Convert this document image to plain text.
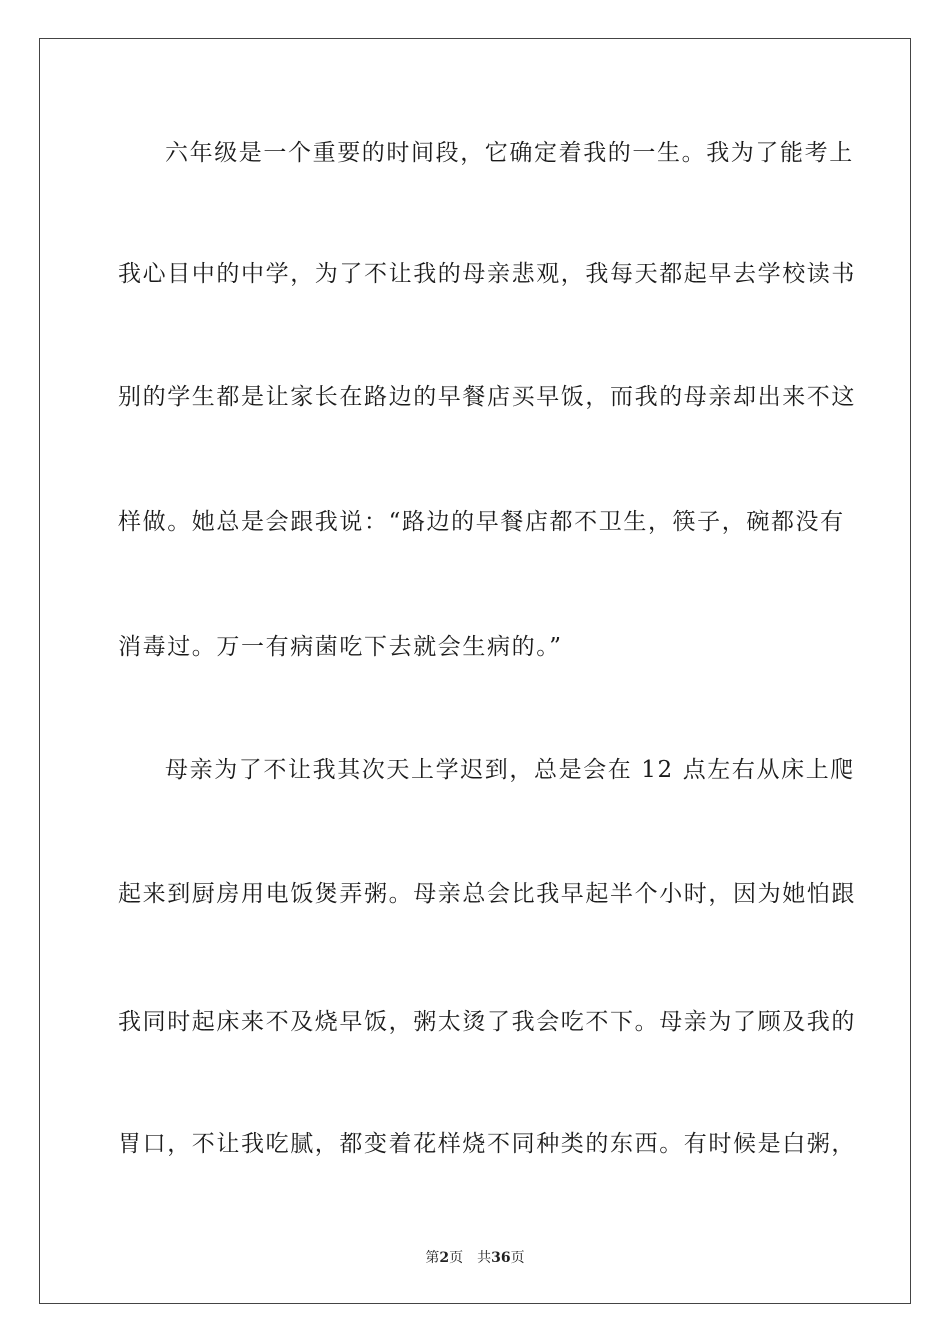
六年级是一个重要的时间段，它确定着我的一生。我为了能考上
我心目中的中学，为了不让我的母亲悲观，我每天都起早去学校读书
别的学生都是让家长在路边的早餐店买早饭，而我的母亲却出来不这
样做。她总是会跟我说：“路边的早餐店都不卫生，筷子，碗都没有
消毒过。万一有病菌吃下去就会生病的。”
母亲为了不让我其次天上学迟到，总是会在 12 点左右从床上爬
起来到厨房用电饭煲弄粥。母亲总会比我早起半个小时，因为她怕跟
我同时起床来不及烧早饭，粥太烫了我会吃不下。母亲为了顾及我的
胃口，不让我吃腻，都变着花样烧不同种类的东西。有时候是白粥，
第2页 共36页
